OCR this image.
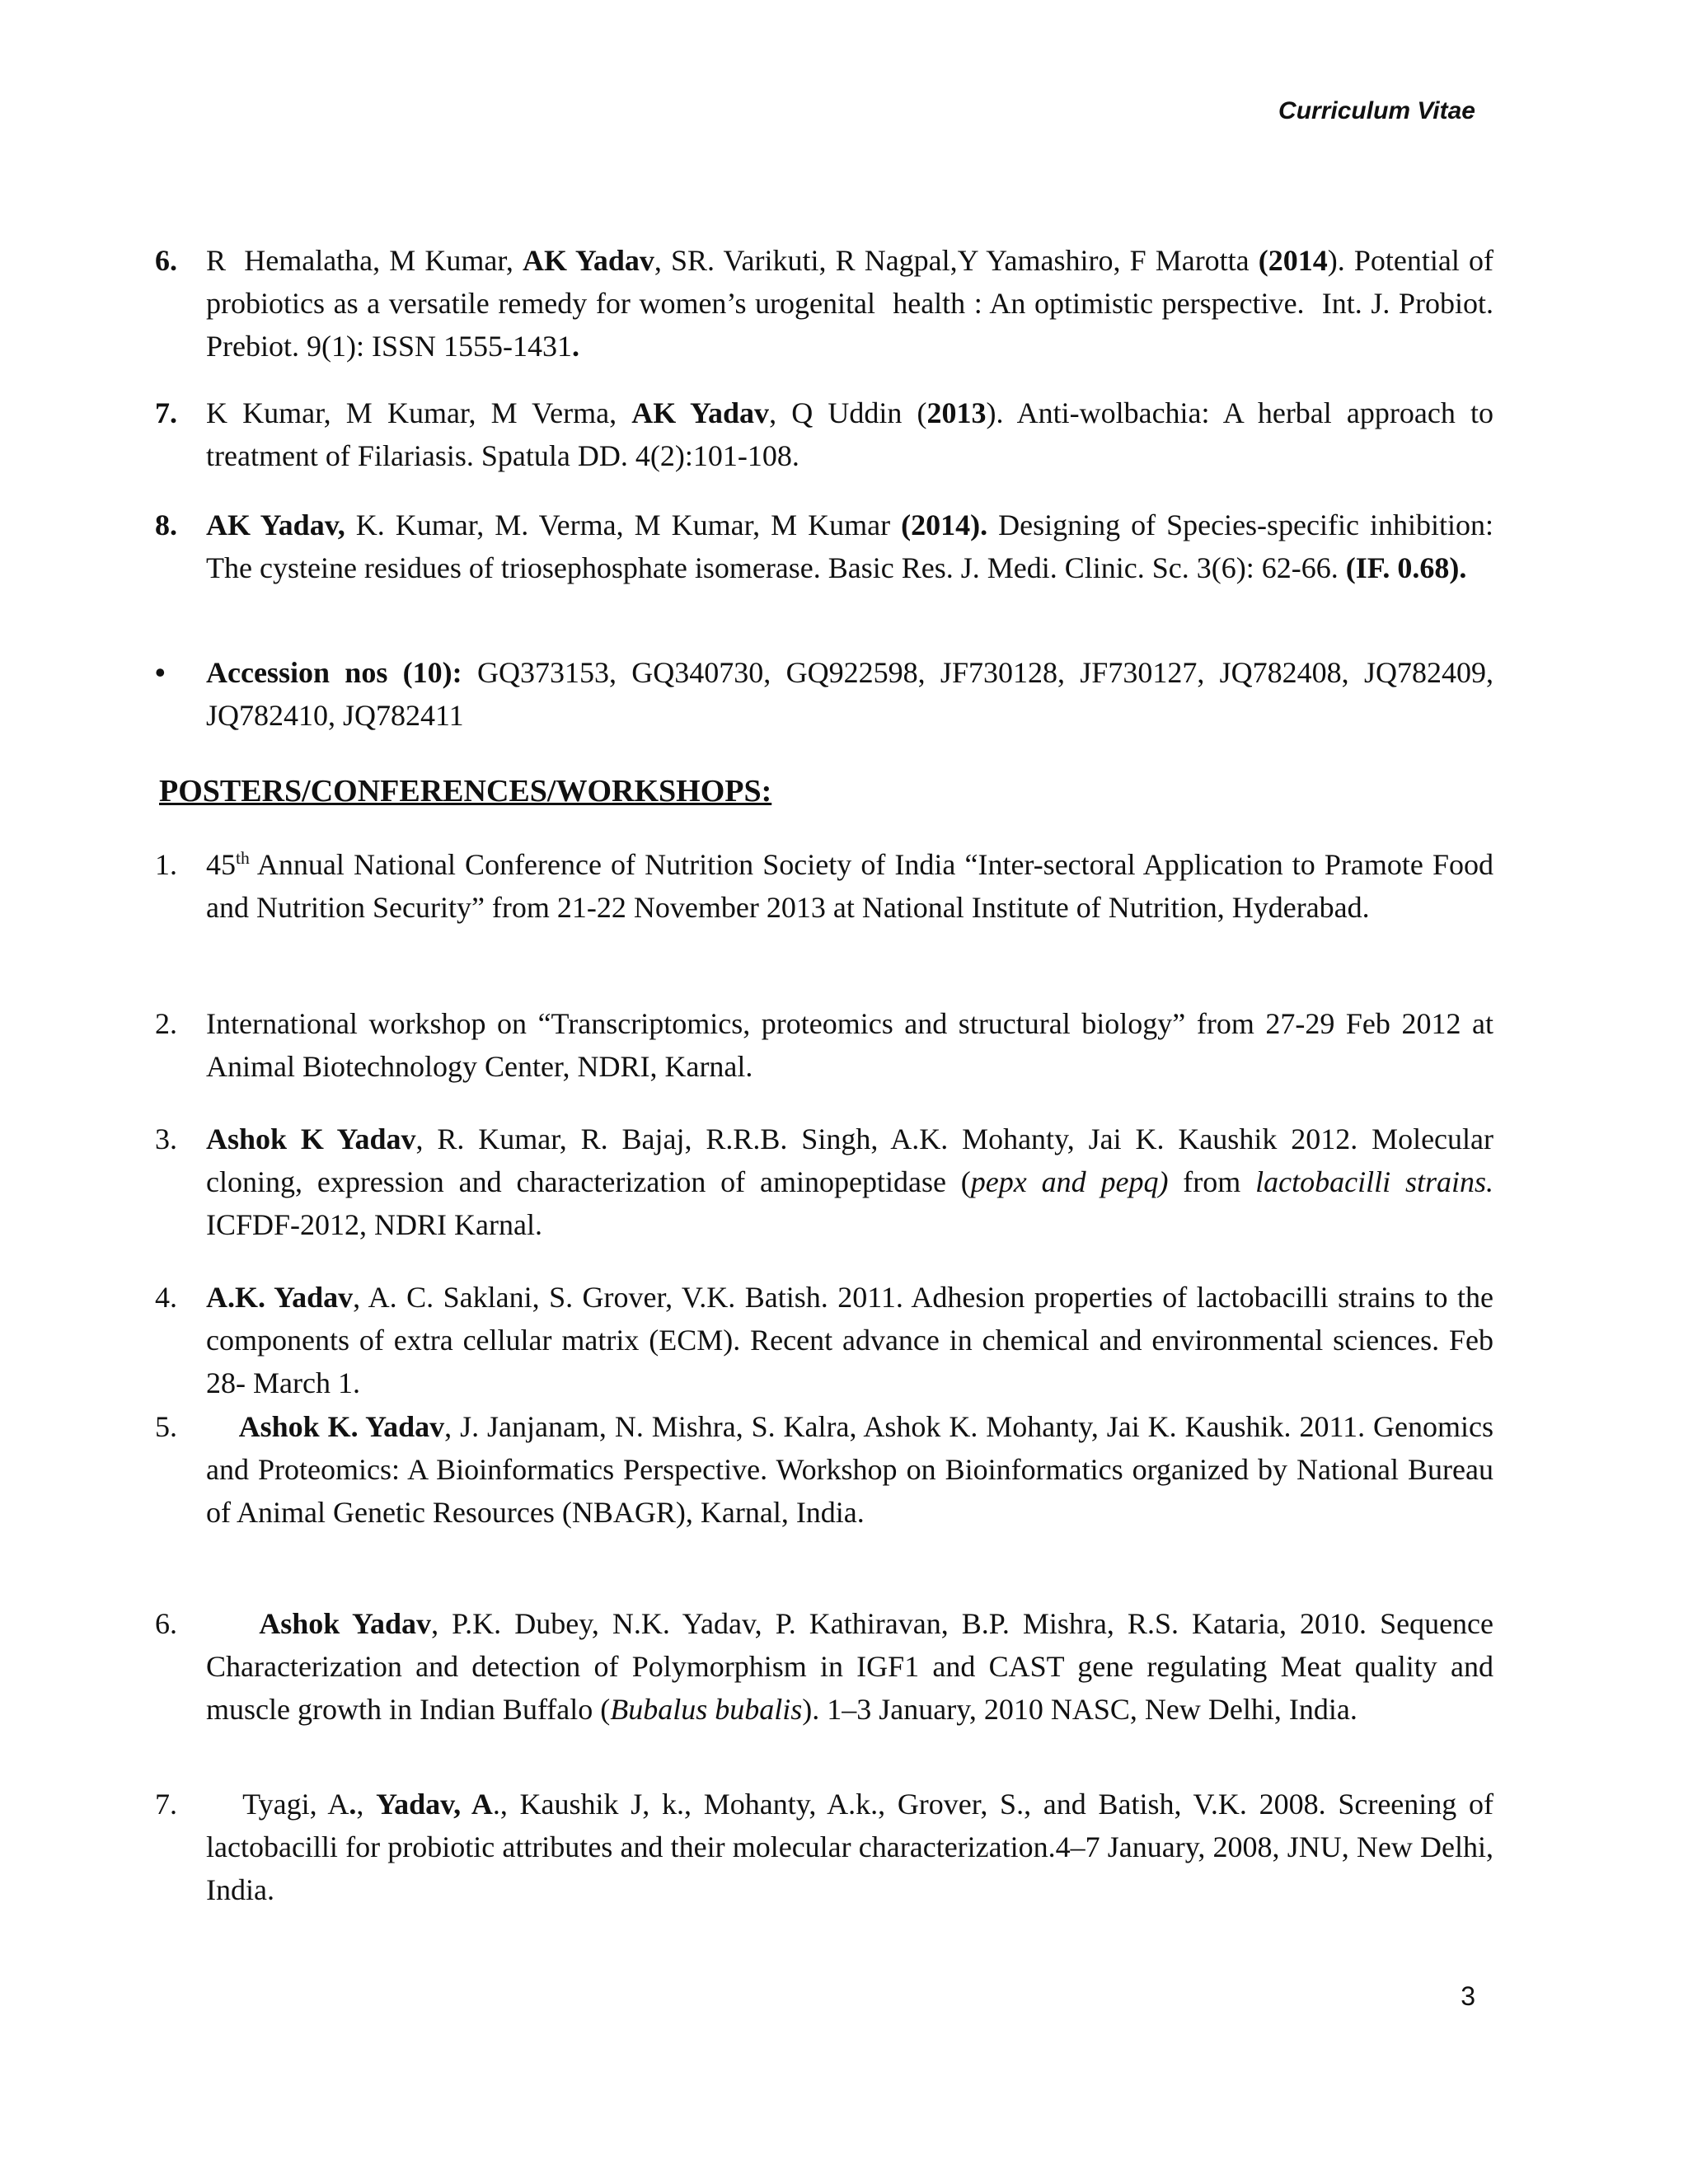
Curriculum Vitae
6. R  Hemalatha, M Kumar, AK Yadav, SR. Varikuti, R Nagpal,Y Yamashiro, F Marotta (2014). Potential of probiotics as a versatile remedy for women’s urogenital  health : An optimistic perspective.  Int. J. Probiot.  Prebiot. 9(1): ISSN 1555-1431.
7. K Kumar, M Kumar, M Verma, AK Yadav, Q Uddin (2013). Anti-wolbachia: A herbal approach to treatment of Filariasis. Spatula DD. 4(2):101-108.
8. AK Yadav, K. Kumar, M. Verma, M Kumar, M Kumar (2014). Designing of Species-specific inhibition: The cysteine residues of triosephosphate isomerase. Basic Res. J. Medi. Clinic. Sc. 3(6): 62-66. (IF. 0.68).
• Accession nos (10): GQ373153, GQ340730, GQ922598, JF730128, JF730127, JQ782408, JQ782409, JQ782410, JQ782411
POSTERS/CONFERENCES/WORKSHOPS:
1. 45th Annual National Conference of Nutrition Society of India “Inter-sectoral Application to Pramote Food and Nutrition Security” from 21-22 November 2013 at National Institute of Nutrition, Hyderabad.
2. International workshop on “Transcriptomics, proteomics and structural biology” from 27-29 Feb 2012 at Animal Biotechnology Center, NDRI, Karnal.
3. Ashok K Yadav, R. Kumar, R. Bajaj, R.R.B. Singh, A.K. Mohanty, Jai K. Kaushik 2012. Molecular cloning, expression and characterization of aminopeptidase (pepx and pepq) from lactobacilli strains. ICFDF-2012, NDRI Karnal.
4. A.K. Yadav, A. C. Saklani, S. Grover, V.K. Batish. 2011. Adhesion properties of lactobacilli strains to the components of extra cellular matrix (ECM). Recent advance in chemical and environmental sciences. Feb 28- March 1.
5. Ashok K. Yadav, J. Janjanam, N. Mishra, S. Kalra, Ashok K. Mohanty, Jai K. Kaushik. 2011. Genomics and Proteomics: A Bioinformatics Perspective. Workshop on Bioinformatics organized by National Bureau of Animal Genetic Resources (NBAGR), Karnal, India.
6.	Ashok Yadav, P.K. Dubey, N.K. Yadav, P. Kathiravan, B.P. Mishra, R.S. Kataria, 2010. Sequence Characterization and detection of Polymorphism in IGF1 and CAST gene regulating Meat quality and muscle growth in Indian Buffalo (Bubalus bubalis). 1–3 January, 2010 NASC, New Delhi, India.
7. Tyagi, A., Yadav, A., Kaushik J, k., Mohanty, A.k., Grover, S., and Batish, V.K. 2008. Screening of lactobacilli for probiotic attributes and their molecular characterization.4–7 January, 2008, JNU, New Delhi, India.
3
